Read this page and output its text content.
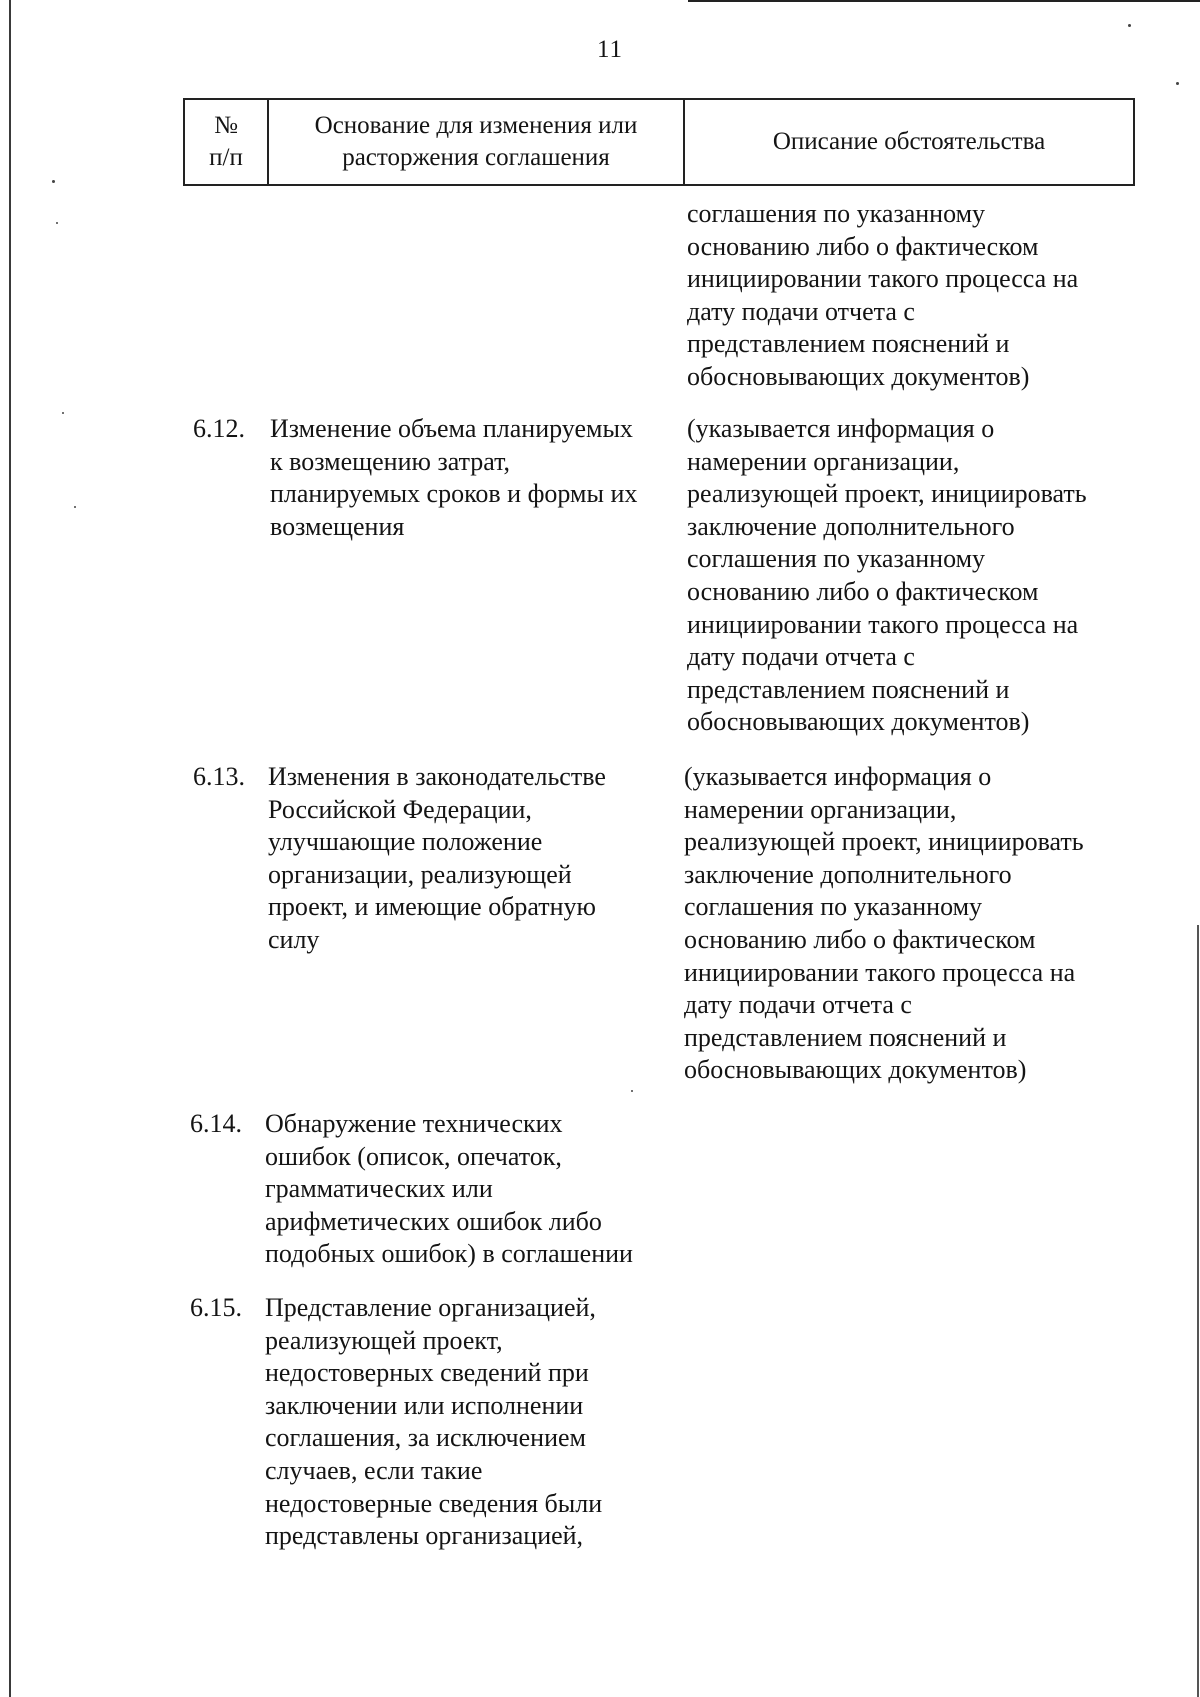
11
№
п/п
Основание для изменения или
расторжения соглашения
Описание обстоятельства
соглашения по указанному
основанию либо о фактическом
инициировании такого процесса на
дату подачи отчета с
представлением пояснений и
обосновывающих документов)
6.12. Изменение объема планируемых
к возмещению затрат,
планируемых сроков и формы их
возмещения
(указывается информация о
намерении организации,
реализующей проект, инициировать
заключение дополнительного
соглашения по указанному
основанию либо о фактическом
инициировании такого процесса на
дату подачи отчета с
представлением пояснений и
обосновывающих документов)
6.13. Изменения в законодательстве
Российской Федерации,
улучшающие положение
организации, реализующей
проект, и имеющие обратную
силу
(указывается информация о
намерении организации,
реализующей проект, инициировать
заключение дополнительного
соглашения по указанному
основанию либо о фактическом
инициировании такого процесса на
дату подачи отчета с
представлением пояснений и
обосновывающих документов)
6.14. Обнаружение технических
ошибок (описок, опечаток,
грамматических или
арифметических ошибок либо
подобных ошибок) в соглашении
6.15. Представление организацией,
реализующей проект,
недостоверных сведений при
заключении или исполнении
соглашения, за исключением
случаев, если такие
недостоверные сведения были
представлены организацией,
